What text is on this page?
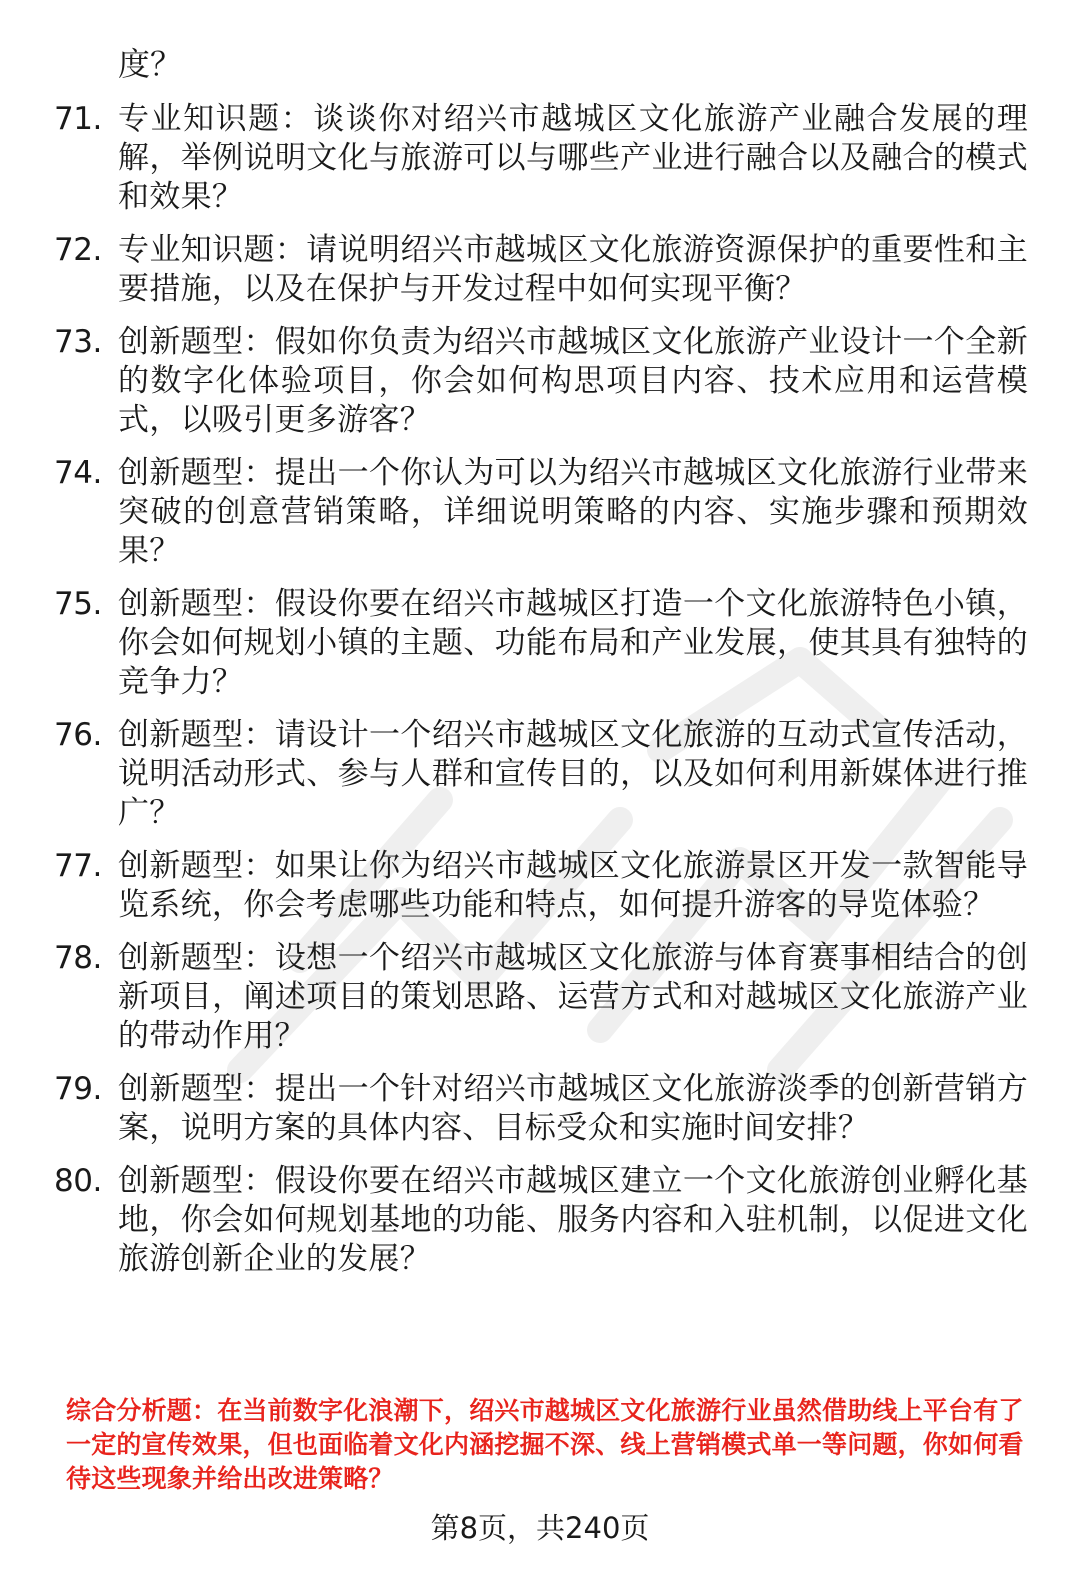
度？
71. 专业知识题：谈谈你对绍兴市越城区文化旅游产业融合发展的理解，举例说明文化与旅游可以与哪些产业进行融合以及融合的模式和效果？
72. 专业知识题：请说明绍兴市越城区文化旅游资源保护的重要性和主要措施，以及在保护与开发过程中如何实现平衡？
73. 创新题型：假如你负责为绍兴市越城区文化旅游产业设计一个全新的数字化体验项目，你会如何构思项目内容、技术应用和运营模式，以吸引更多游客？
74. 创新题型：提出一个你认为可以为绍兴市越城区文化旅游行业带来突破的创意营销策略，详细说明策略的内容、实施步骤和预期效果？
75. 创新题型：假设你要在绍兴市越城区打造一个文化旅游特色小镇，你会如何规划小镇的主题、功能布局和产业发展，使其具有独特的竞争力？
76. 创新题型：请设计一个绍兴市越城区文化旅游的互动式宣传活动，说明活动形式、参与人群和宣传目的，以及如何利用新媒体进行推广？
77. 创新题型：如果让你为绍兴市越城区文化旅游景区开发一款智能导览系统，你会考虑哪些功能和特点，如何提升游客的导览体验？
78. 创新题型：设想一个绍兴市越城区文化旅游与体育赛事相结合的创新项目，阐述项目的策划思路、运营方式和对越城区文化旅游产业的带动作用？
79. 创新题型：提出一个针对绍兴市越城区文化旅游淡季的创新营销方案，说明方案的具体内容、目标受众和实施时间安排？
80. 创新题型：假设你要在绍兴市越城区建立一个文化旅游创业孵化基地，你会如何规划基地的功能、服务内容和入驻机制，以促进文化旅游创新企业的发展？
综合分析题：在当前数字化浪潮下，绍兴市越城区文化旅游行业虽然借助线上平台有了一定的宣传效果，但也面临着文化内涵挖掘不深、线上营销模式单一等问题，你如何看待这些现象并给出改进策略？
第8页，共240页
